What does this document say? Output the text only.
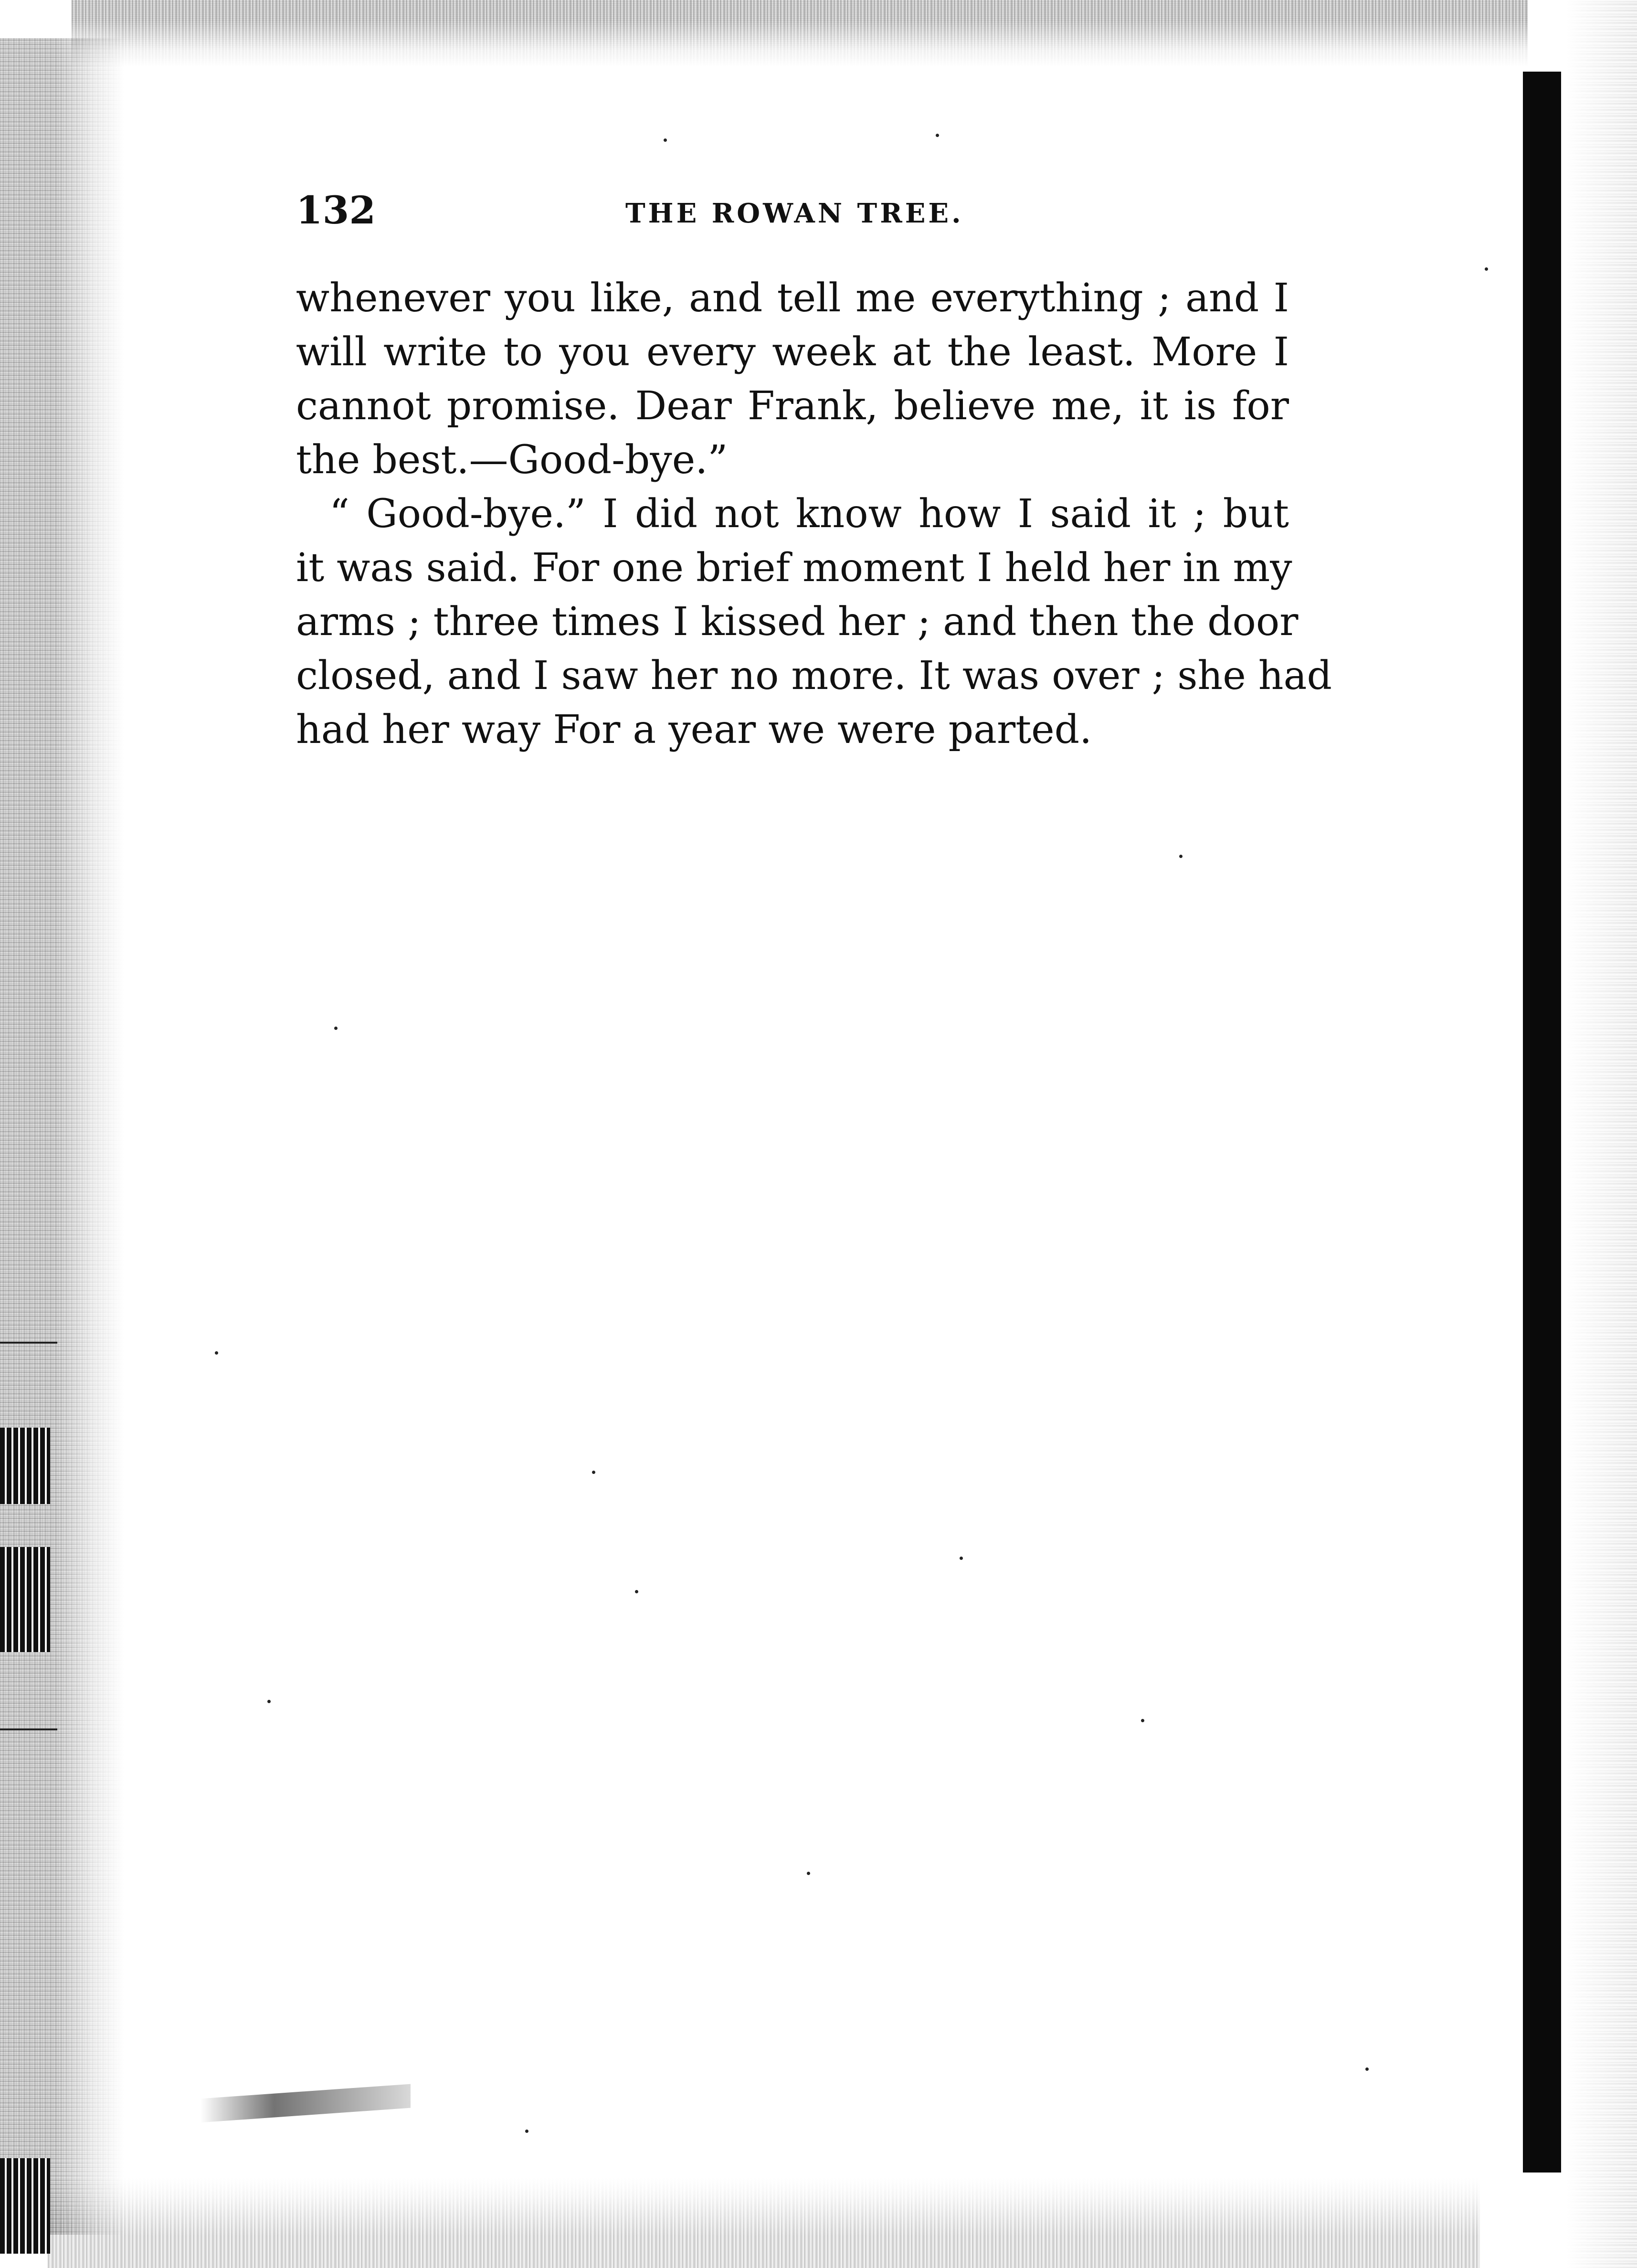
132	THE ROWAN TREE.
whenever you like, and tell me everything ; and I
will write to you every week at the least. More I
cannot promise. Dear Frank, believe me, it is for
the best.—Good-bye.”
“ Good-bye.” I did not know how I said it ; but
it was said. For one brief moment I held her in my
arms ; three times I kissed her ; and then the door
closed, and I saw her no more. It was over ; she had
had her way For a year we were parted.
